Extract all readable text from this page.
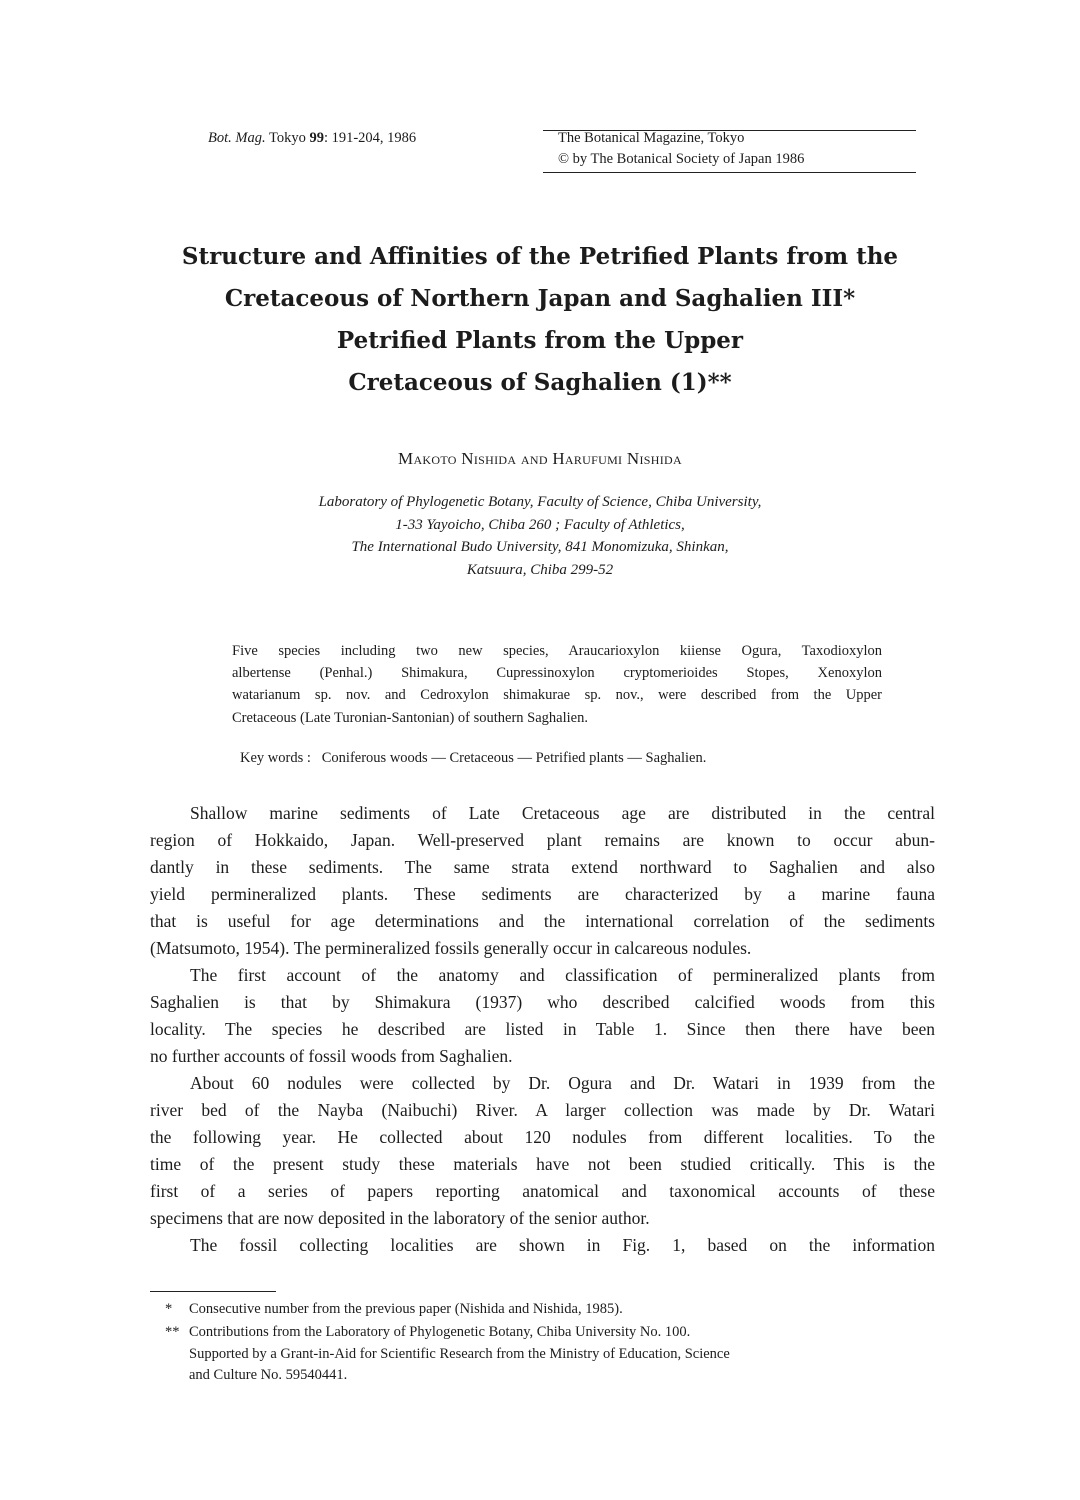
Bot. Mag. Tokyo 99: 191-204, 1986	The Botanical Magazine, Tokyo
© by The Botanical Society of Japan 1986
Structure and Affinities of the Petrified Plants from the
Cretaceous of Northern Japan and Saghalien III*
Petrified Plants from the Upper
Cretaceous of Saghalien (1)**
Makoto Nishida and Harufumi Nishida
Laboratory of Phylogenetic Botany, Faculty of Science, Chiba University,
1-33 Yayoicho, Chiba 260 ; Faculty of Athletics,
The International Budo University, 841 Monomizuka, Shinkan,
Katsuura, Chiba 299-52
Five species including two new species, Araucarioxylon kiiense Ogura, Taxodioxylon
albertense (Penhal.) Shimakura, Cupressinoxylon cryptomerioides Stopes, Xenoxylon
watarianum sp. nov. and Cedroxylon shimakurae sp. nov., were described from the Upper
Cretaceous (Late Turonian-Santonian) of southern Saghalien.
Key words : Coniferous woods — Cretaceous — Petrified plants — Saghalien.
Shallow marine sediments of Late Cretaceous age are distributed in the central
region of Hokkaido, Japan. Well-preserved plant remains are known to occur abun-
dantly in these sediments. The same strata extend northward to Saghalien and also
yield permineralized plants. These sediments are characterized by a marine fauna
that is useful for age determinations and the international correlation of the sediments
(Matsumoto, 1954). The permineralized fossils generally occur in calcareous nodules.
The first account of the anatomy and classification of permineralized plants from
Saghalien is that by Shimakura (1937) who described calcified woods from this
locality. The species he described are listed in Table 1. Since then there have been
no further accounts of fossil woods from Saghalien.
About 60 nodules were collected by Dr. Ogura and Dr. Watari in 1939 from the
river bed of the Nayba (Naibuchi) River. A larger collection was made by Dr. Watari
the following year. He collected about 120 nodules from different localities. To the
time of the present study these materials have not been studied critically. This is the
first of a series of papers reporting anatomical and taxonomical accounts of these
specimens that are now deposited in the laboratory of the senior author.
The fossil collecting localities are shown in Fig. 1, based on the information
* Consecutive number from the previous paper (Nishida and Nishida, 1985).
** Contributions from the Laboratory of Phylogenetic Botany, Chiba University No. 100.
Supported by a Grant-in-Aid for Scientific Research from the Ministry of Education, Science
and Culture No. 59540441.
